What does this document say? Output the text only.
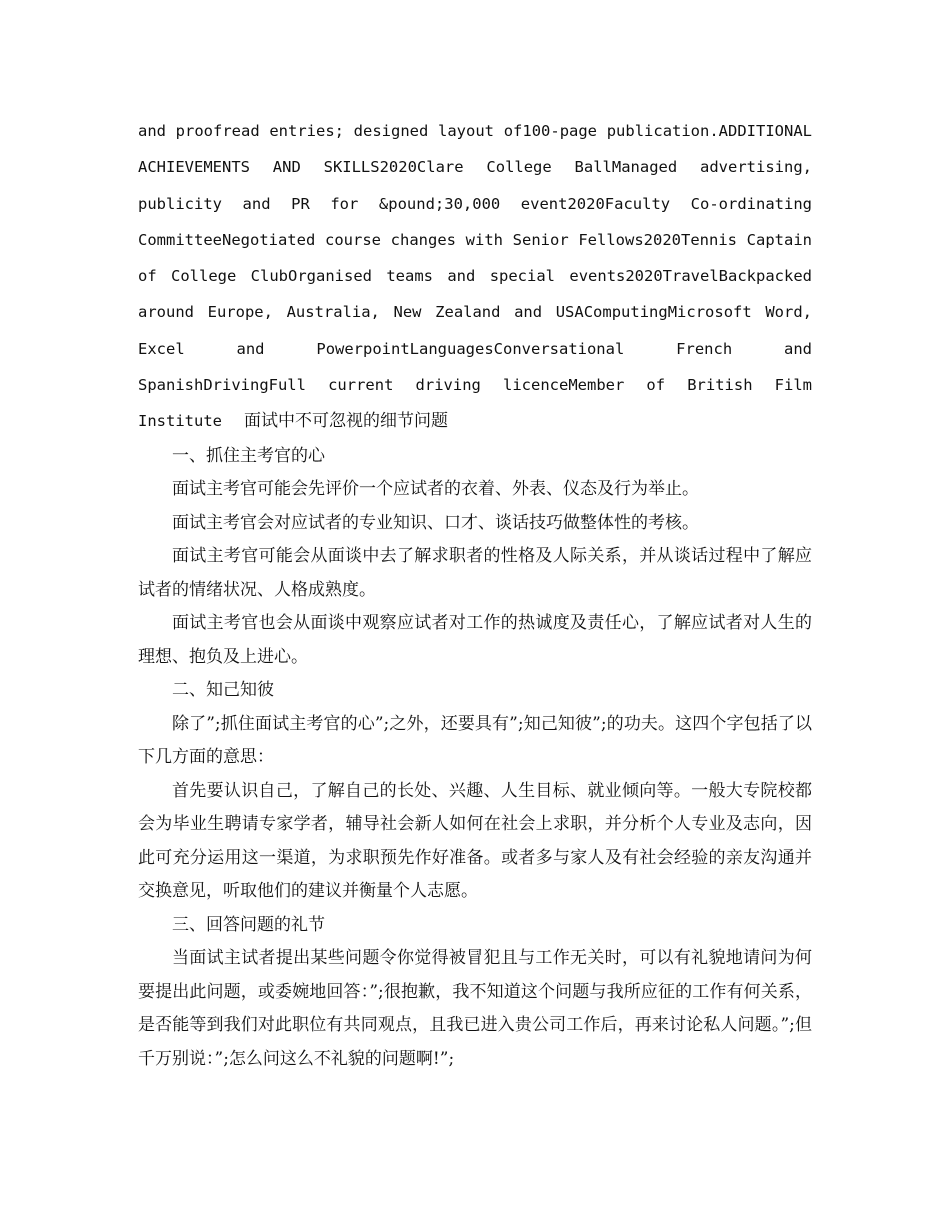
and proofread entries; designed layout of100-page publication.ADDITIONAL ACHIEVEMENTS AND SKILLS2020Clare College BallManaged advertising, publicity and PR for &pound;30,000 event2020Faculty Co-ordinating CommitteeNegotiated course changes with Senior Fellows2020Tennis Captain of College ClubOrganised teams and special events2020TravelBackpacked around Europe, Australia, New Zealand and USAComputingMicrosoft Word, Excel and PowerpointLanguagesConversational French and SpanishDrivingFull current driving licenceMember of British Film Institute 面试中不可忽视的细节问题

一、抓住主考官的心

面试主考官可能会先评价一个应试者的衣着、外表、仪态及行为举止。

面试主考官会对应试者的专业知识、口才、谈话技巧做整体性的考核。

面试主考官可能会从面谈中去了解求职者的性格及人际关系，并从谈话过程中了解应试者的情绪状况、人格成熟度。

面试主考官也会从面谈中观察应试者对工作的热诚度及责任心，了解应试者对人生的理想、抱负及上进心。

二、知己知彼

除了”;抓住面试主考官的心”;之外，还要具有”;知己知彼”;的功夫。这四个字包括了以下几方面的意思：

首先要认识自己，了解自己的长处、兴趣、人生目标、就业倾向等。一般大专院校都会为毕业生聘请专家学者，辅导社会新人如何在社会上求职，并分析个人专业及志向，因此可充分运用这一渠道，为求职预先作好准备。或者多与家人及有社会经验的亲友沟通并交换意见，听取他们的建议并衡量个人志愿。

三、回答问题的礼节

当面试主试者提出某些问题令你觉得被冒犯且与工作无关时，可以有礼貌地请问为何要提出此问题，或委婉地回答：”;很抱歉，我不知道这个问题与我所应征的工作有何关系，是否能等到我们对此职位有共同观点，且我已进入贵公司工作后，再来讨论私人问题。”;但千万别说：”;怎么问这么不礼貌的问题啊!”;
